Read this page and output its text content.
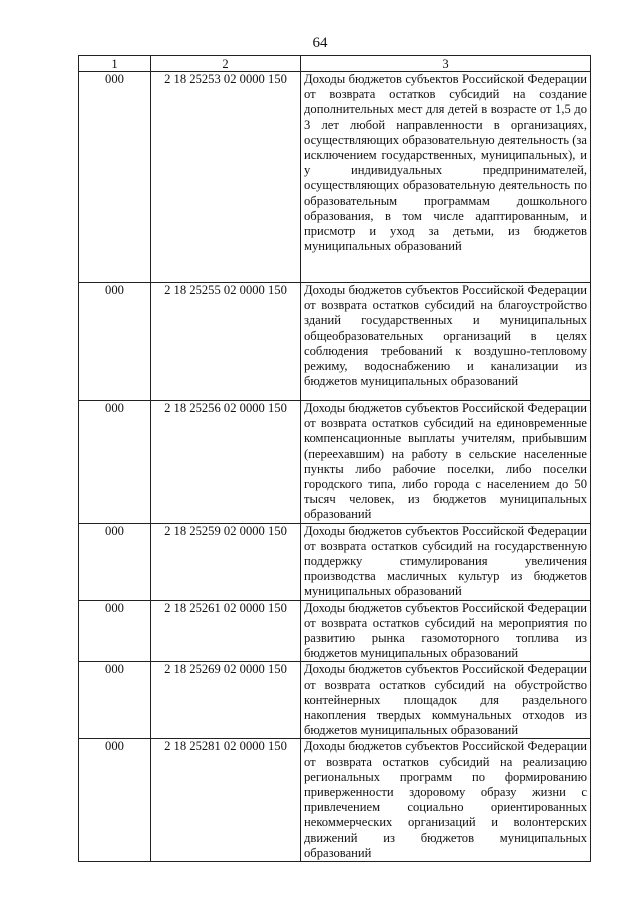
64
1	2	3
000	2 18 25253 02 0000 150	Доходы бюджетов субъектов Российской Федерации от возврата остатков субсидий на создание дополнительных мест для детей в возрасте от 1,5 до 3 лет любой направленности в организациях, осуществляющих образовательную деятельность (за исключением государственных, муниципальных), и у индивидуальных предпринимателей, осуществляющих образовательную деятельность по образовательным программам дошкольного образования, в том числе адаптированным, и присмотр и уход за детьми, из бюджетов муниципальных образований
000	2 18 25255 02 0000 150	Доходы бюджетов субъектов Российской Федерации от возврата остатков субсидий на благоустройство зданий государственных и муниципальных общеобразовательных организаций в целях соблюдения требований к воздушно-тепловому режиму, водоснабжению и канализации из бюджетов муниципальных образований
000	2 18 25256 02 0000 150	Доходы бюджетов субъектов Российской Федерации от возврата остатков субсидий на единовременные компенсационные выплаты учителям, прибывшим (переехавшим) на работу в сельские населенные пункты либо рабочие поселки, либо поселки городского типа, либо города с населением до 50 тысяч человек, из бюджетов муниципальных образований
000	2 18 25259 02 0000 150	Доходы бюджетов субъектов Российской Федерации от возврата остатков субсидий на государственную поддержку стимулирования увеличения производства масличных культур из бюджетов муниципальных образований
000	2 18 25261 02 0000 150	Доходы бюджетов субъектов Российской Федерации от возврата остатков субсидий на мероприятия по развитию рынка газомоторного топлива из бюджетов муниципальных образований
000	2 18 25269 02 0000 150	Доходы бюджетов субъектов Российской Федерации от возврата остатков субсидий на обустройство контейнерных площадок для раздельного накопления твердых коммунальных отходов из бюджетов муниципальных образований
000	2 18 25281 02 0000 150	Доходы бюджетов субъектов Российской Федерации от возврата остатков субсидий на реализацию региональных программ по формированию приверженности здоровому образу жизни с привлечением социально ориентированных некоммерческих организаций и волонтерских движений из бюджетов муниципальных образований
